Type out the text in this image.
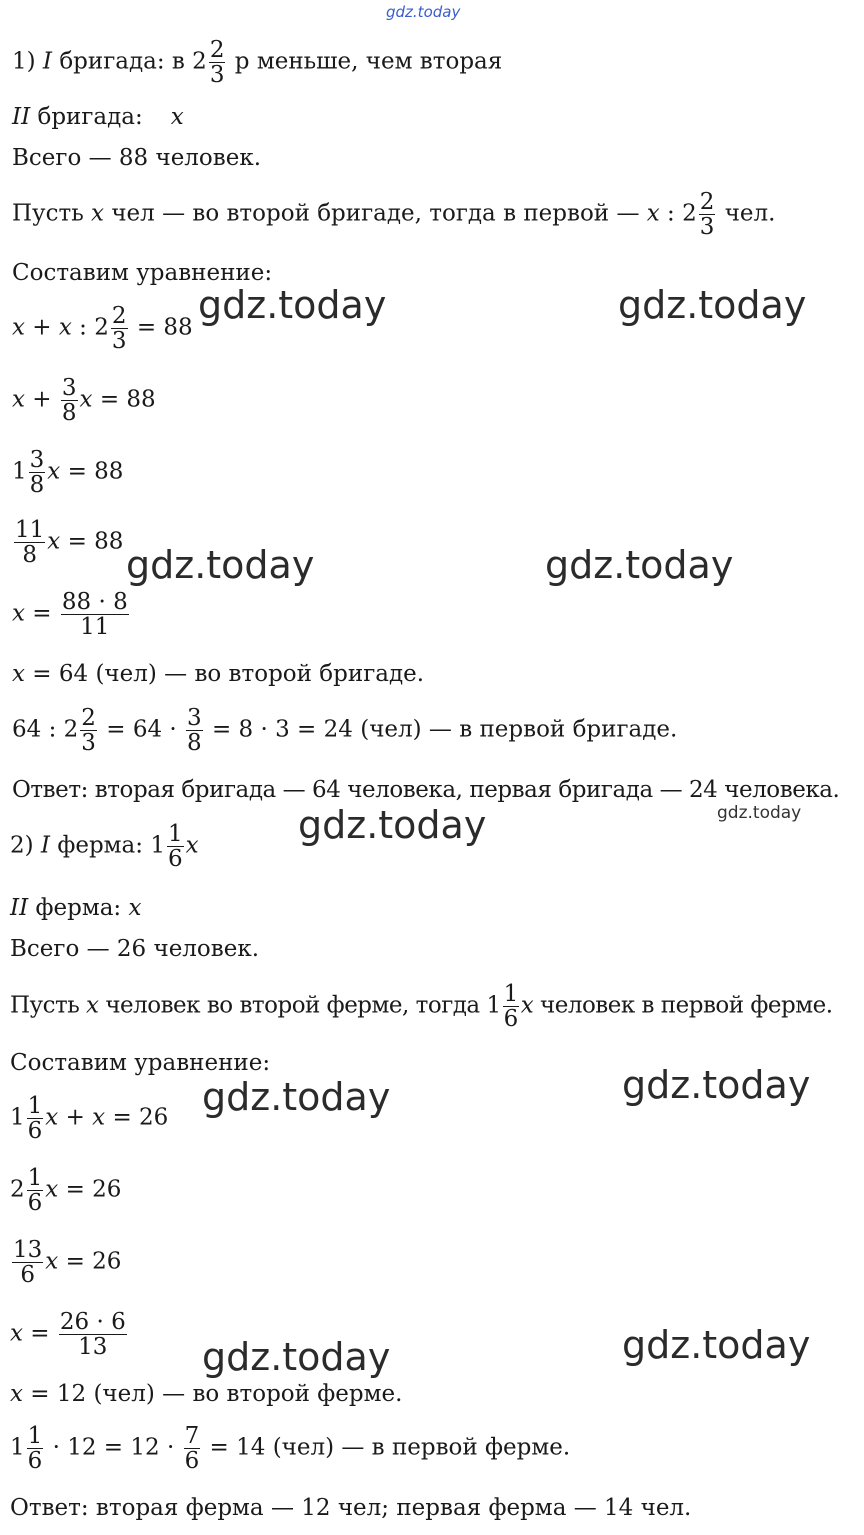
gdz.today
gdz.today	gdz.today
gdz.today	gdz.today
gdz.today	gdz.today
gdz.today	gdz.today
gdz.today	gdz.today
1) I бригада: в $2 \frac{2}{3}$ р меньше, чем вторая
II бригада: x
Всего — 88 человек.
Пусть x чел — во второй бригаде, тогда в первой — x : $2 \frac{2}{3}$ чел.
Составим уравнение:
x + x : $2 \frac{2}{3} = 88$
$x + \frac{3}{8}$ x = 88
$1 \frac{3}{8}$ x = 88
$\frac{11}{8}$ x = 88
$x = \frac{88 \cdot 8}{11}$
x = 64 (чел) — во второй бригаде.
64 : $2 \frac{2}{3} = 64 \cdot \frac{3}{8} = 8 \cdot 3 = 24$ (чел) — в первой бригаде.
Ответ: вторая бригада — 64 человека, первая бригада — 24 человека.
2) I ферма: $1 \frac{1}{6}$ x
II ферма: x
Всего — 26 человек.
Пусть x человек во второй ферме, тогда $1 \frac{1}{6}$ x человек в первой ферме.
Составим уравнение:
$1 \frac{1}{6}$ x + x = 26
$2 \frac{1}{6}$ x = 26
$\frac{13}{6}$ x = 26
$x = \frac{26 \cdot 6}{13}$
x = 12 (чел) — во второй ферме.
$1 \frac{1}{6} \cdot 12 = 12 \cdot \frac{7}{6} = 14$ (чел) — в первой ферме.
Ответ: вторая ферма — 12 чел; первая ферма — 14 чел.
